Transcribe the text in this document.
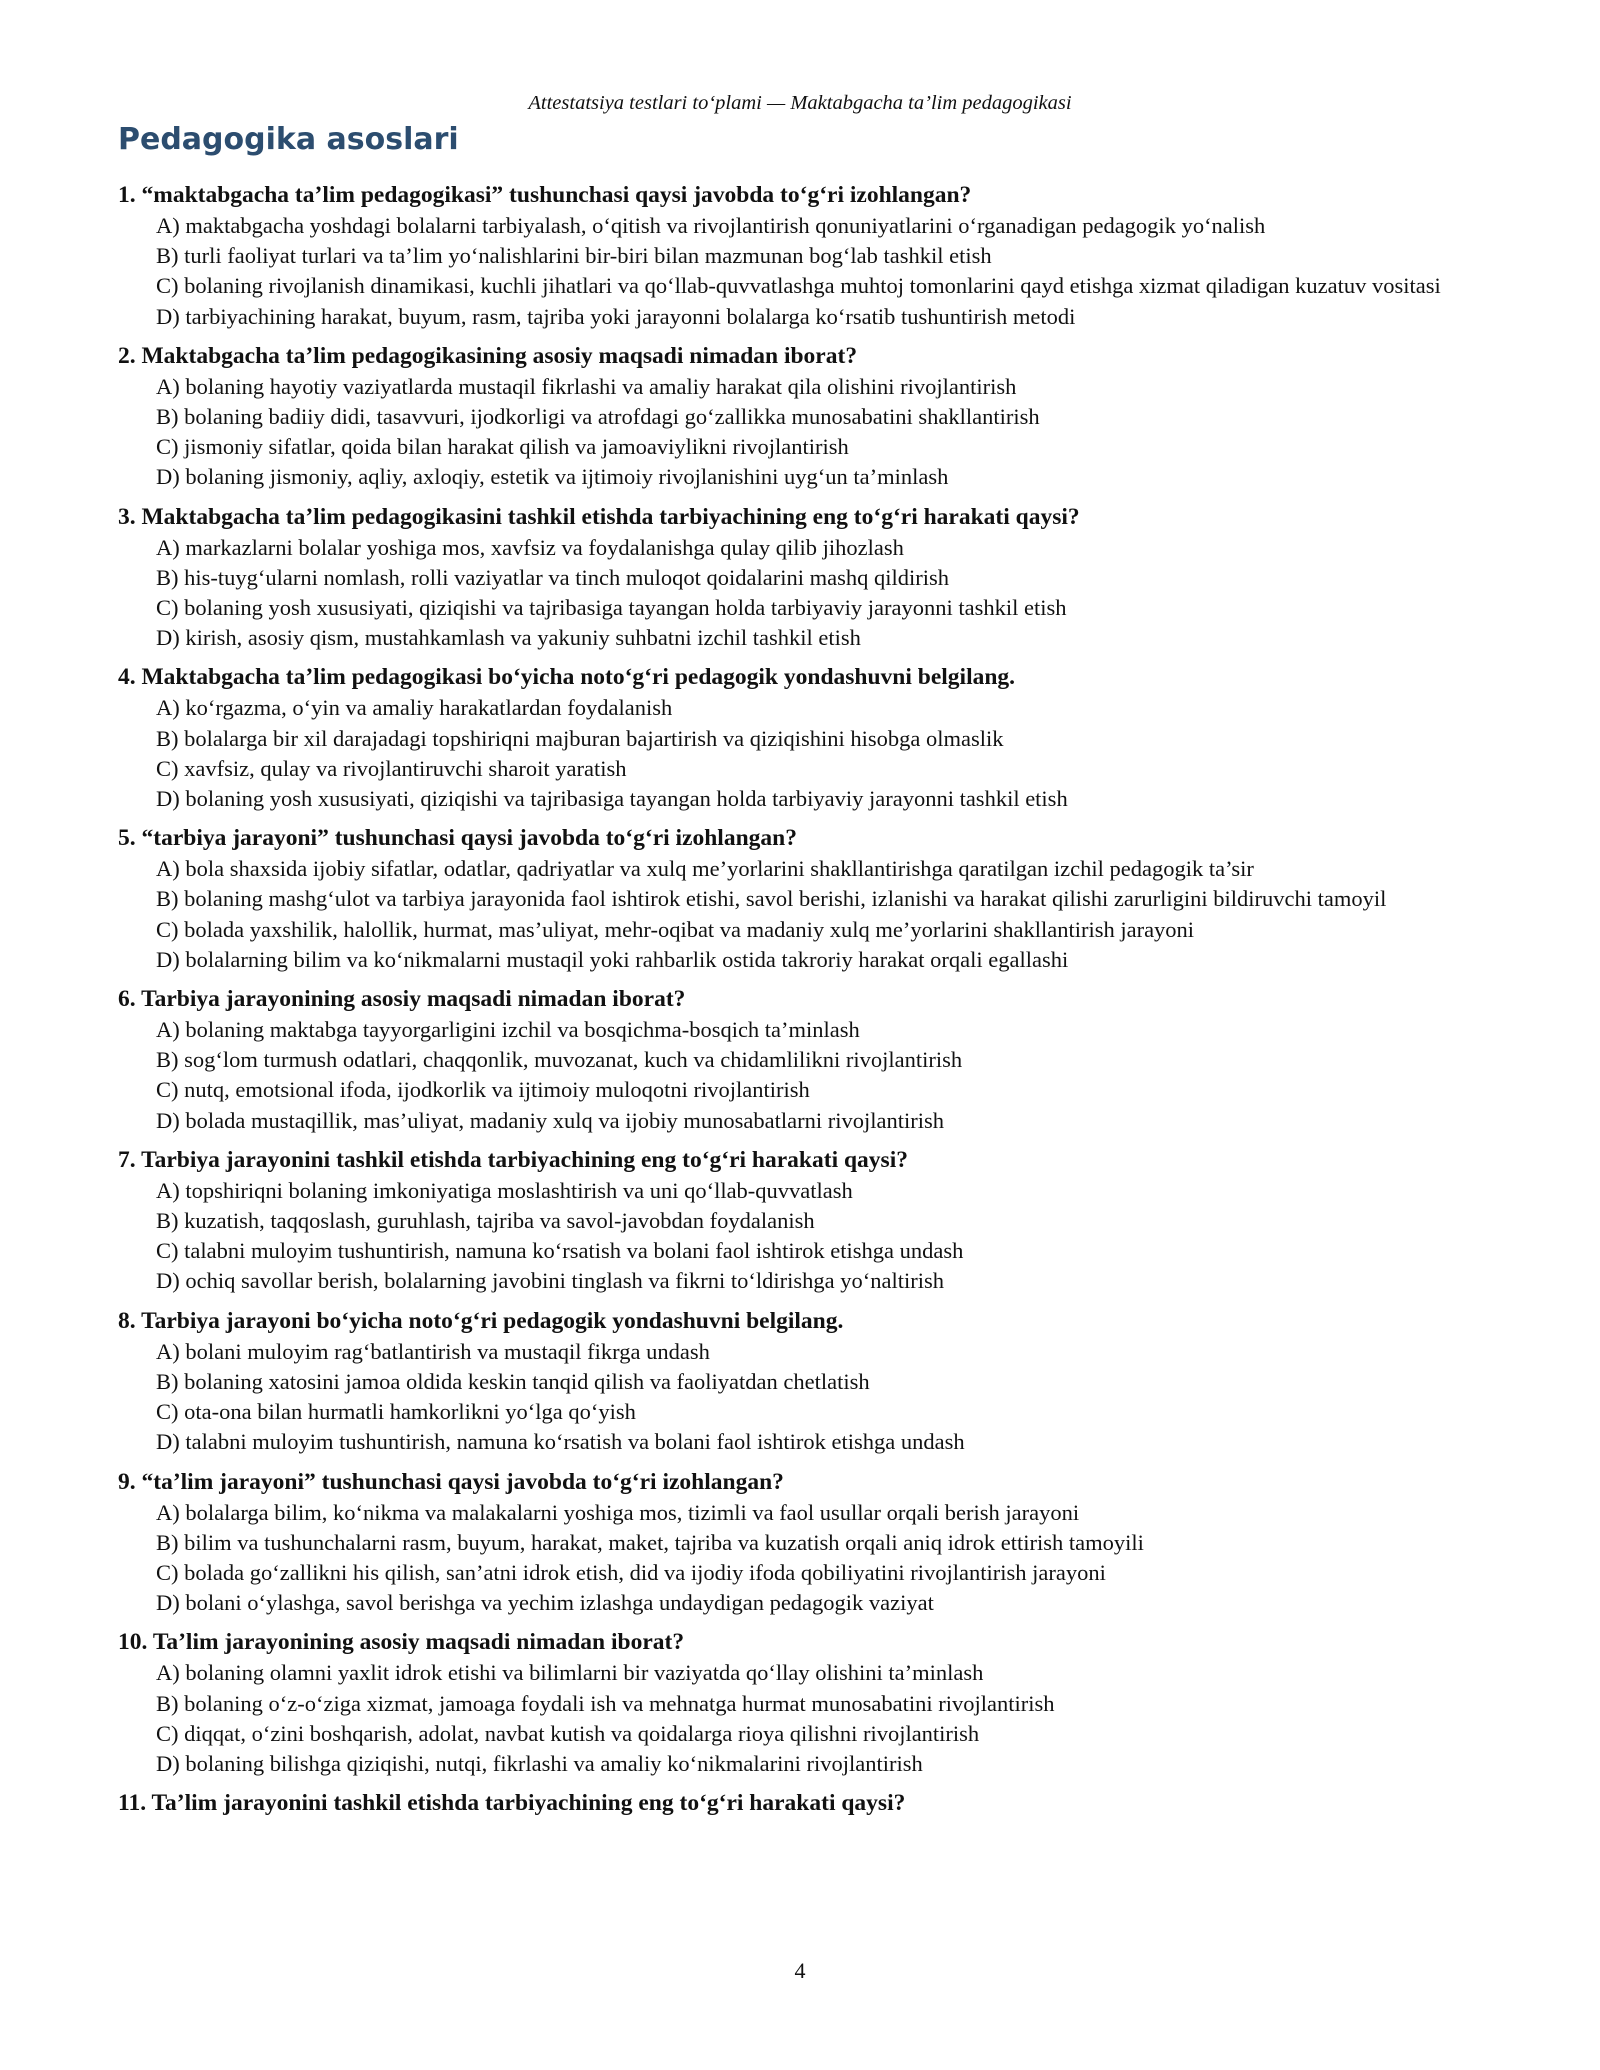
Attestatsiya testlari to‘plami — Maktabgacha ta’lim pedagogikasi
Pedagogika asoslari

1. “maktabgacha ta’lim pedagogikasi” tushunchasi qaysi javobda to‘g‘ri izohlangan?

A) maktabgacha yoshdagi bolalarni tarbiyalash, o‘qitish va rivojlantirish qonuniyatlarini o‘rganadigan pedagogik yo‘nalish
B) turli faoliyat turlari va ta’lim yo‘nalishlarini bir-biri bilan mazmunan bog‘lab tashkil etish
C) bolaning rivojlanish dinamikasi, kuchli jihatlari va qo‘llab-quvvatlashga muhtoj tomonlarini qayd etishga xizmat qiladigan kuzatuv vositasi
D) tarbiyachining harakat, buyum, rasm, tajriba yoki jarayonni bolalarga ko‘rsatib tushuntirish metodi

2. Maktabgacha ta’lim pedagogikasining asosiy maqsadi nimadan iborat?

A) bolaning hayotiy vaziyatlarda mustaqil fikrlashi va amaliy harakat qila olishini rivojlantirish
B) bolaning badiiy didi, tasavvuri, ijodkorligi va atrofdagi go‘zallikka munosabatini shakllantirish
C) jismoniy sifatlar, qoida bilan harakat qilish va jamoaviylikni rivojlantirish
D) bolaning jismoniy, aqliy, axloqiy, estetik va ijtimoiy rivojlanishini uyg‘un ta’minlash

3. Maktabgacha ta’lim pedagogikasini tashkil etishda tarbiyachining eng to‘g‘ri harakati qaysi?

A) markazlarni bolalar yoshiga mos, xavfsiz va foydalanishga qulay qilib jihozlash
B) his-tuyg‘ularni nomlash, rolli vaziyatlar va tinch muloqot qoidalarini mashq qildirish
C) bolaning yosh xususiyati, qiziqishi va tajribasiga tayangan holda tarbiyaviy jarayonni tashkil etish
D) kirish, asosiy qism, mustahkamlash va yakuniy suhbatni izchil tashkil etish

4. Maktabgacha ta’lim pedagogikasi bo‘yicha noto‘g‘ri pedagogik yondashuvni belgilang.

A) ko‘rgazma, o‘yin va amaliy harakatlardan foydalanish
B) bolalarga bir xil darajadagi topshiriqni majburan bajartirish va qiziqishini hisobga olmaslik
C) xavfsiz, qulay va rivojlantiruvchi sharoit yaratish
D) bolaning yosh xususiyati, qiziqishi va tajribasiga tayangan holda tarbiyaviy jarayonni tashkil etish

5. “tarbiya jarayoni” tushunchasi qaysi javobda to‘g‘ri izohlangan?

A) bola shaxsida ijobiy sifatlar, odatlar, qadriyatlar va xulq me’yorlarini shakllantirishga qaratilgan izchil pedagogik ta’sir
B) bolaning mashg‘ulot va tarbiya jarayonida faol ishtirok etishi, savol berishi, izlanishi va harakat qilishi zarurligini bildiruvchi tamoyil
C) bolada yaxshilik, halollik, hurmat, mas’uliyat, mehr-oqibat va madaniy xulq me’yorlarini shakllantirish jarayoni
D) bolalarning bilim va ko‘nikmalarni mustaqil yoki rahbarlik ostida takroriy harakat orqali egallashi

6. Tarbiya jarayonining asosiy maqsadi nimadan iborat?

A) bolaning maktabga tayyorgarligini izchil va bosqichma-bosqich ta’minlash
B) sog‘lom turmush odatlari, chaqqonlik, muvozanat, kuch va chidamlilikni rivojlantirish
C) nutq, emotsional ifoda, ijodkorlik va ijtimoiy muloqotni rivojlantirish
D) bolada mustaqillik, mas’uliyat, madaniy xulq va ijobiy munosabatlarni rivojlantirish

7. Tarbiya jarayonini tashkil etishda tarbiyachining eng to‘g‘ri harakati qaysi?

A) topshiriqni bolaning imkoniyatiga moslashtirish va uni qo‘llab-quvvatlash
B) kuzatish, taqqoslash, guruhlash, tajriba va savol-javobdan foydalanish
C) talabni muloyim tushuntirish, namuna ko‘rsatish va bolani faol ishtirok etishga undash
D) ochiq savollar berish, bolalarning javobini tinglash va fikrni to‘ldirishga yo‘naltirish

8. Tarbiya jarayoni bo‘yicha noto‘g‘ri pedagogik yondashuvni belgilang.

A) bolani muloyim rag‘batlantirish va mustaqil fikrga undash
B) bolaning xatosini jamoa oldida keskin tanqid qilish va faoliyatdan chetlatish
C) ota-ona bilan hurmatli hamkorlikni yo‘lga qo‘yish
D) talabni muloyim tushuntirish, namuna ko‘rsatish va bolani faol ishtirok etishga undash

9. “ta’lim jarayoni” tushunchasi qaysi javobda to‘g‘ri izohlangan?

A) bolalarga bilim, ko‘nikma va malakalarni yoshiga mos, tizimli va faol usullar orqali berish jarayoni
B) bilim va tushunchalarni rasm, buyum, harakat, maket, tajriba va kuzatish orqali aniq idrok ettirish tamoyili
C) bolada go‘zallikni his qilish, san’atni idrok etish, did va ijodiy ifoda qobiliyatini rivojlantirish jarayoni
D) bolani o‘ylashga, savol berishga va yechim izlashga undaydigan pedagogik vaziyat

10. Ta’lim jarayonining asosiy maqsadi nimadan iborat?

A) bolaning olamni yaxlit idrok etishi va bilimlarni bir vaziyatda qo‘llay olishini ta’minlash
B) bolaning o‘z-o‘ziga xizmat, jamoaga foydali ish va mehnatga hurmat munosabatini rivojlantirish
C) diqqat, o‘zini boshqarish, adolat, navbat kutish va qoidalarga rioya qilishni rivojlantirish
D) bolaning bilishga qiziqishi, nutqi, fikrlashi va amaliy ko‘nikmalarini rivojlantirish

11. Ta’lim jarayonini tashkil etishda tarbiyachining eng to‘g‘ri harakati qaysi?

4
